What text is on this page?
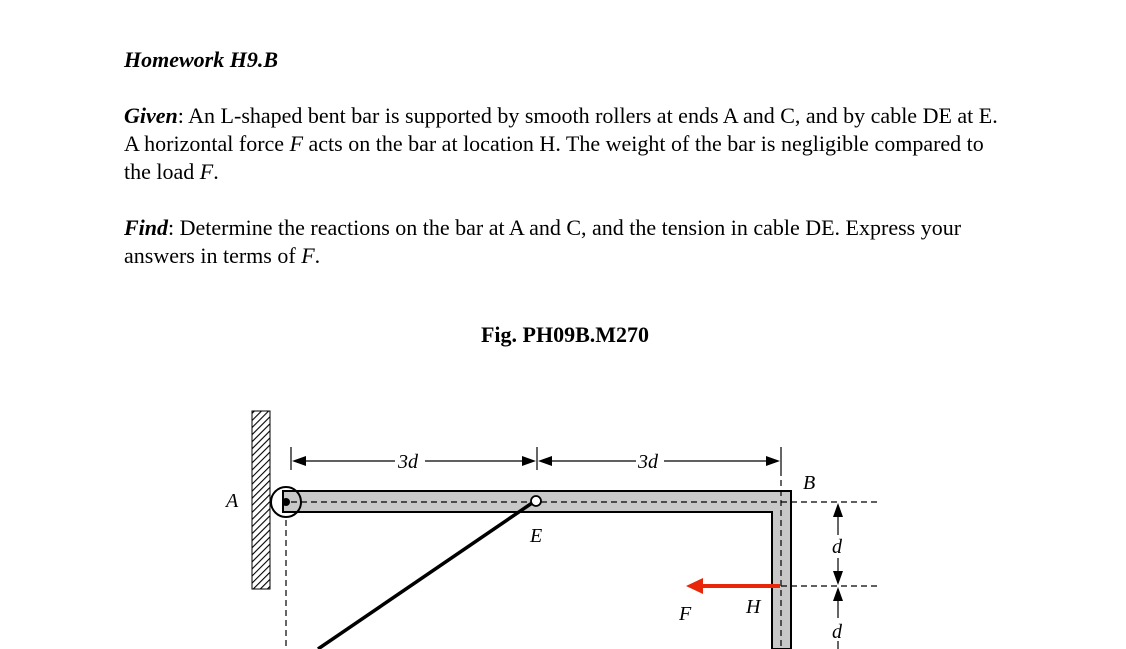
Homework H9.B

Given: An L-shaped bent bar is supported by smooth rollers at ends A and C, and by cable DE at E. A horizontal force F acts on the bar at location H. The weight of the bar is negligible compared to the load F.

Find: Determine the reactions on the bar at A and C, and the tension in cable DE. Express your answers in terms of F.

Fig. PH09B.M270
3d	3d
d
d
A
B
E
F	H
